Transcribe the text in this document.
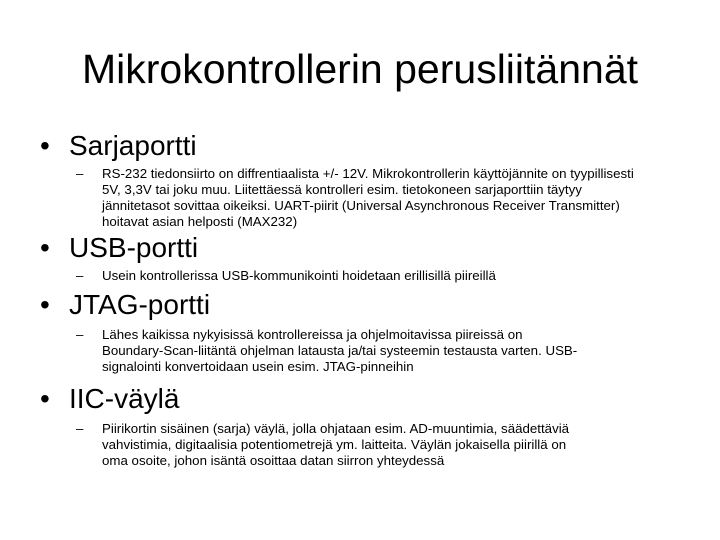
Mikrokontrollerin perusliitännät
• Sarjaportti
– RS-232 tiedonsiirto on diffrentiaalista +/- 12V. Mikrokontrollerin käyttöjännite on tyypillisesti
5V, 3,3V tai joku muu. Liitettäessä kontrolleri esim. tietokoneen sarjaporttiin täytyy
jännitetasot sovittaa oikeiksi. UART-piirit (Universal Asynchronous Receiver Transmitter)
hoitavat asian helposti (MAX232)
• USB-portti
– Usein kontrollerissa USB-kommunikointi hoidetaan erillisillä piireillä
• JTAG-portti
– Lähes kaikissa nykyisissä kontrollereissa ja ohjelmoitavissa piireissä on
Boundary-Scan-liitäntä ohjelman latausta ja/tai systeemin testausta varten. USB-
signalointi konvertoidaan usein esim. JTAG-pinneihin
• IIC-väylä
– Piirikortin sisäinen (sarja) väylä, jolla ohjataan esim. AD-muuntimia, säädettäviä
vahvistimia, digitaalisia potentiometrejä ym. laitteita. Väylän jokaisella piirillä on
oma osoite, johon isäntä osoittaa datan siirron yhteydessä
